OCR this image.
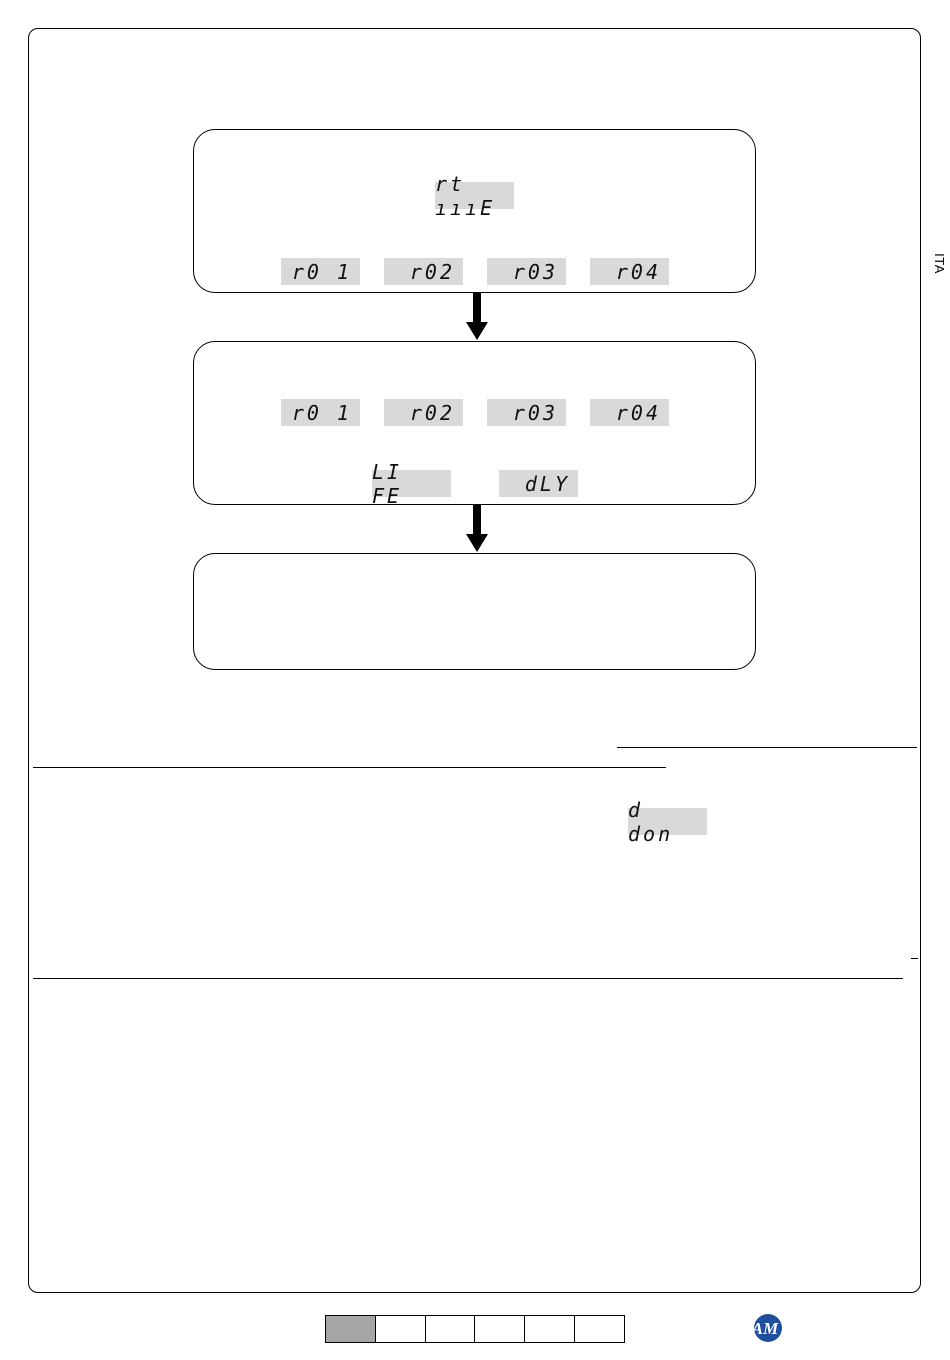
ITA
rt ıııE
r0 1	r02	r03	r04
r0 1	r02	r03	r04
LI FE	dLY
d don
AM
